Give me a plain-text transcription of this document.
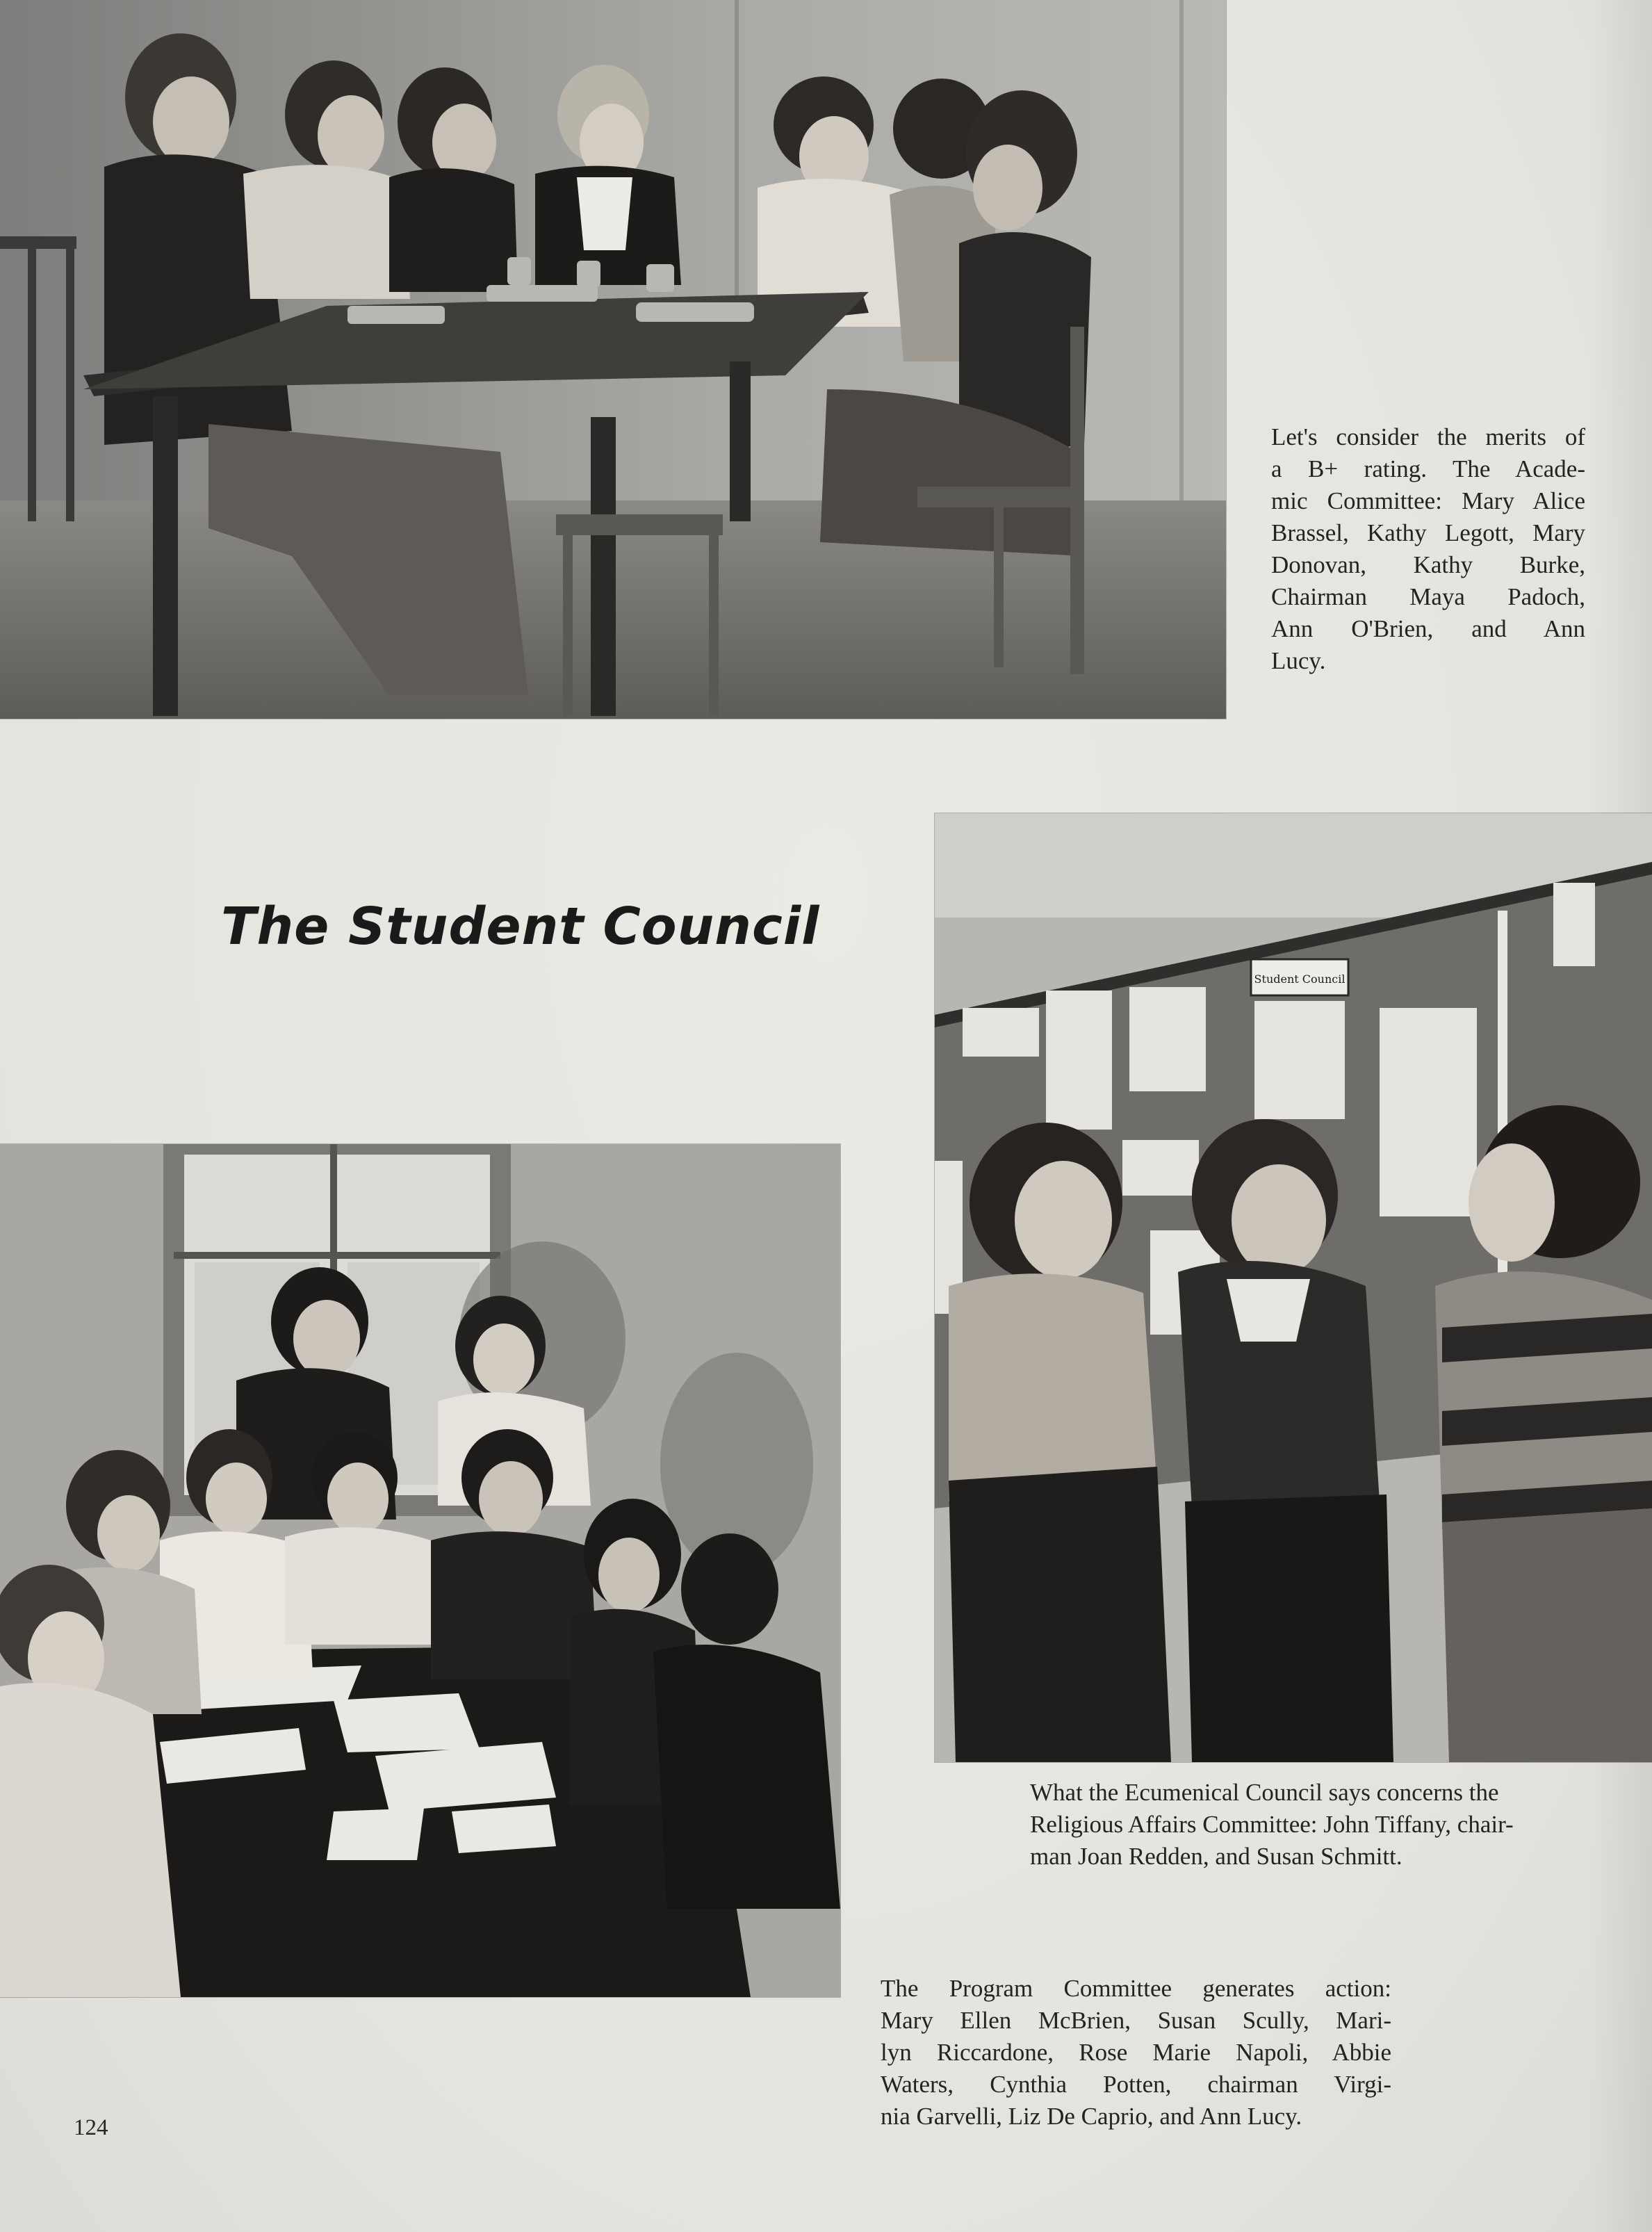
Let's consider the merits of
a B+ rating. The Acade-
mic Committee: Mary Alice
Brassel, Kathy Legott, Mary
Donovan, Kathy Burke,
Chairman Maya Padoch,
Ann O'Brien, and Ann
Lucy.

The Student Council
Student Council

What the Ecumenical Council says concerns the
Religious Affairs Committee: John Tiffany, chair-
man Joan Redden, and Susan Schmitt.

The Program Committee generates action:
Mary Ellen McBrien, Susan Scully, Mari-
lyn Riccardone, Rose Marie Napoli, Abbie
Waters, Cynthia Potten, chairman Virgi-
nia Garvelli, Liz De Caprio, and Ann Lucy.

124
